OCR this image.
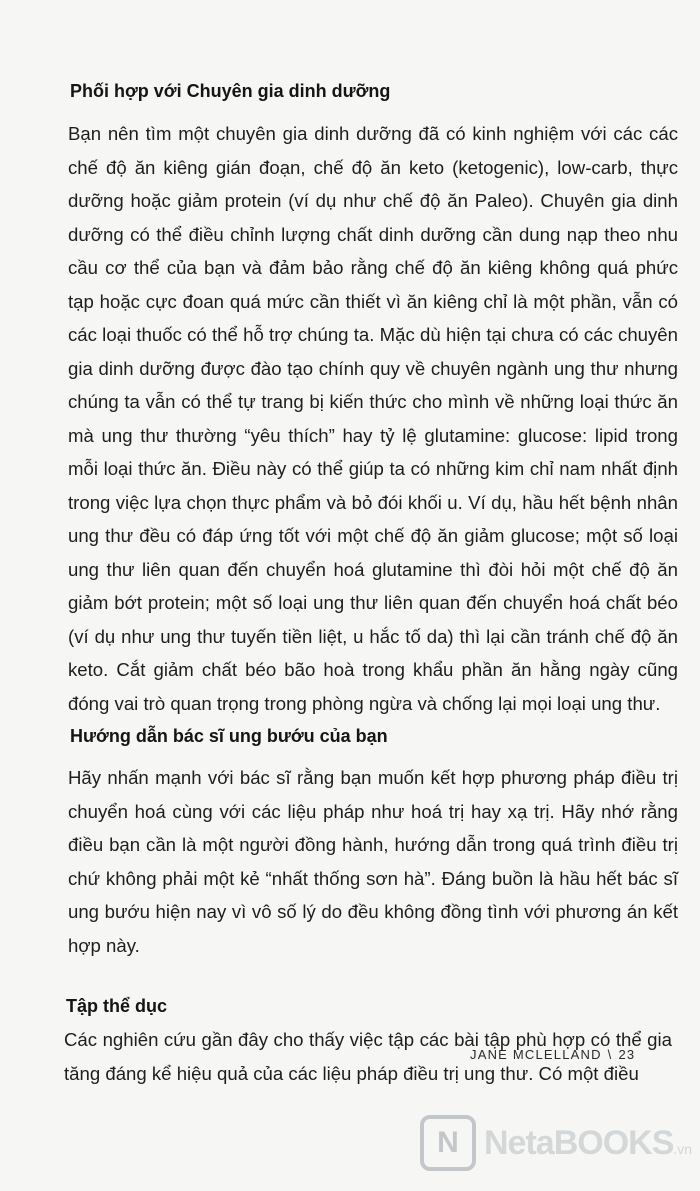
Phối hợp với Chuyên gia dinh dưỡng
Bạn nên tìm một chuyên gia dinh dưỡng đã có kinh nghiệm với các các chế độ ăn kiêng gián đoạn, chế độ ăn keto (ketogenic), low-carb, thực dưỡng hoặc giảm protein (ví dụ như chế độ ăn Paleo). Chuyên gia dinh dưỡng có thể điều chỉnh lượng chất dinh dưỡng cần dung nạp theo nhu cầu cơ thể của bạn và đảm bảo rằng chế độ ăn kiêng không quá phức tạp hoặc cực đoan quá mức cần thiết vì ăn kiêng chỉ là một phần, vẫn có các loại thuốc có thể hỗ trợ chúng ta. Mặc dù hiện tại chưa có các chuyên gia dinh dưỡng được đào tạo chính quy về chuyên ngành ung thư nhưng chúng ta vẫn có thể tự trang bị kiến thức cho mình về những loại thức ăn mà ung thư thường “yêu thích” hay tỷ lệ glutamine: glucose: lipid trong mỗi loại thức ăn. Điều này có thể giúp ta có những kim chỉ nam nhất định trong việc lựa chọn thực phẩm và bỏ đói khối u. Ví dụ, hầu hết bệnh nhân ung thư đều có đáp ứng tốt với một chế độ ăn giảm glucose; một số loại ung thư liên quan đến chuyển hoá glutamine thì đòi hỏi một chế độ ăn giảm bớt protein; một số loại ung thư liên quan đến chuyển hoá chất béo (ví dụ như ung thư tuyến tiền liệt, u hắc tố da) thì lại cần tránh chế độ ăn keto. Cắt giảm chất béo bão hoà trong khẩu phần ăn hằng ngày cũng đóng vai trò quan trọng trong phòng ngừa và chống lại mọi loại ung thư.
Hướng dẫn bác sĩ ung bướu của bạn
Hãy nhấn mạnh với bác sĩ rằng bạn muốn kết hợp phương pháp điều trị chuyển hoá cùng với các liệu pháp như hoá trị hay xạ trị. Hãy nhớ rằng điều bạn cần là một người đồng hành, hướng dẫn trong quá trình điều trị chứ không phải một kẻ “nhất thống sơn hà”. Đáng buồn là hầu hết bác sĩ ung bướu hiện nay vì vô số lý do đều không đồng tình với phương án kết hợp này.
Tập thể dục
Các nghiên cứu gần đây cho thấy việc tập các bài tập phù hợp có thể gia tăng đáng kể hiệu quả của các liệu pháp điều trị ung thư. Có một điều
JANE MCLELLAND \ 23
N NetaBOOKS.vn
